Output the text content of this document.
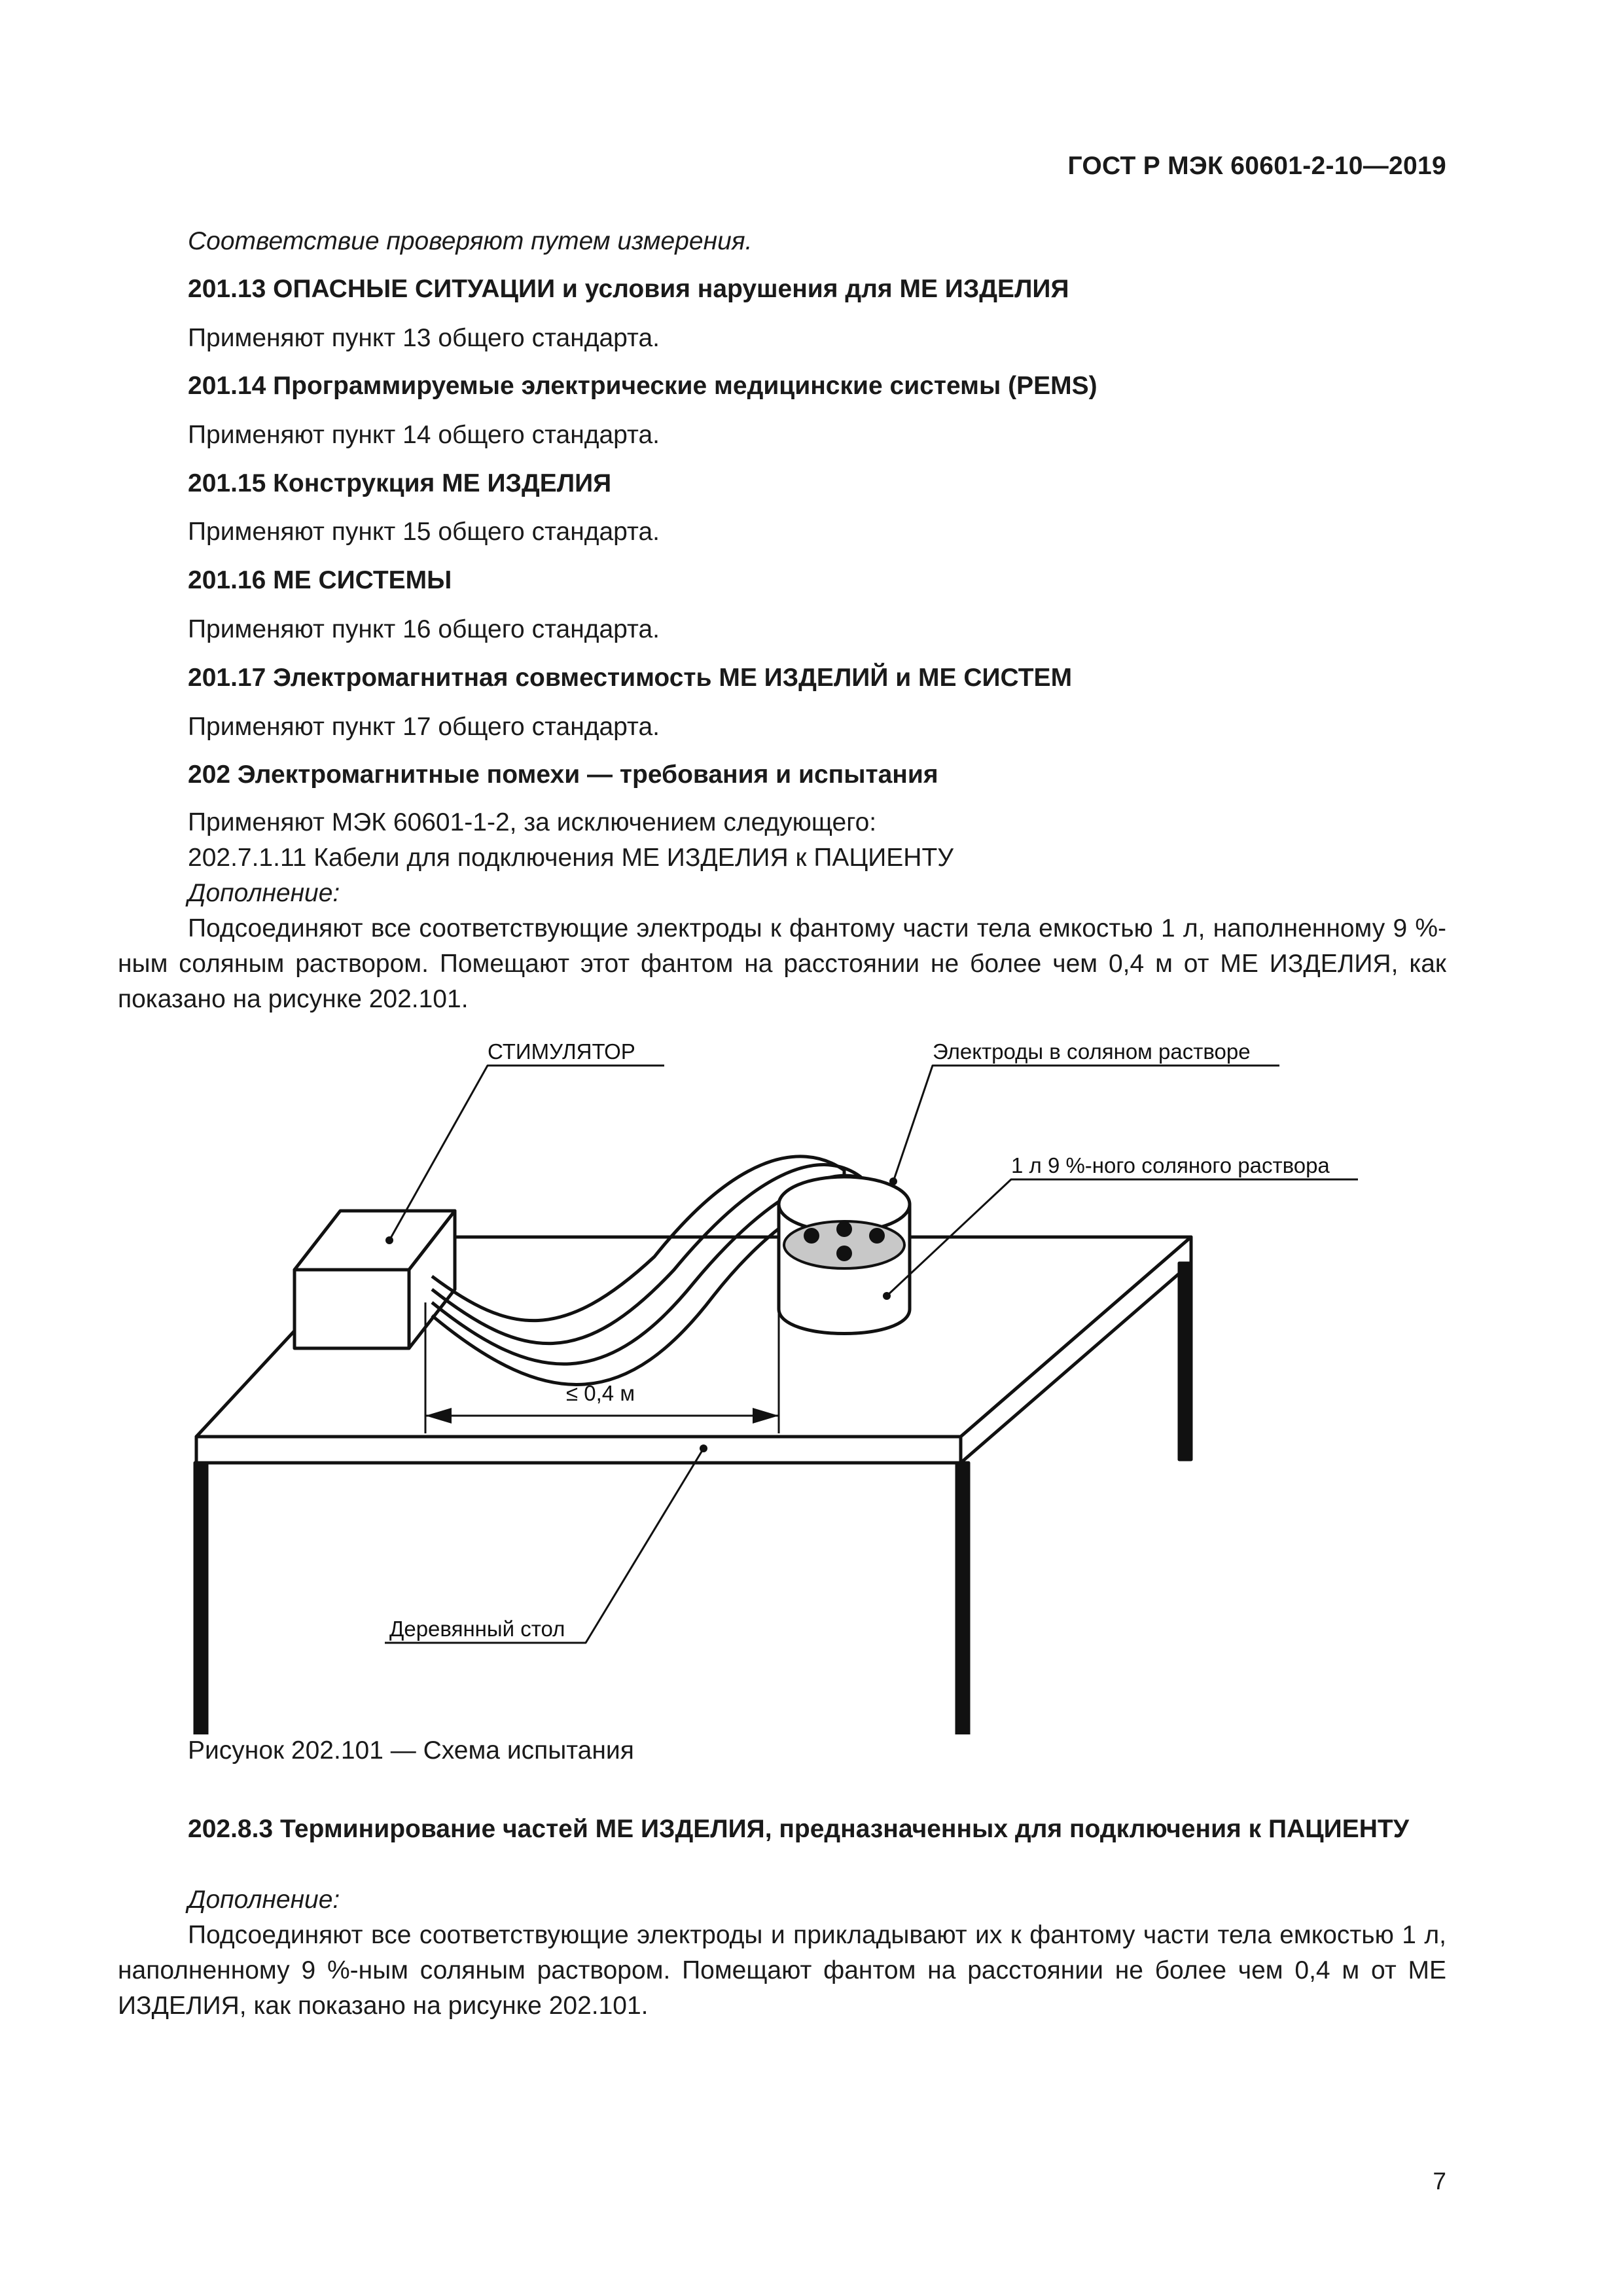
ГОСТ Р МЭК 60601-2-10—2019
Соответствие проверяют путем измерения.
201.13 ОПАСНЫЕ СИТУАЦИИ и условия нарушения для МЕ ИЗДЕЛИЯ
Применяют пункт 13 общего стандарта.
201.14 Программируемые электрические медицинские системы (PEMS)
Применяют пункт 14 общего стандарта.
201.15 Конструкция МЕ ИЗДЕЛИЯ
Применяют пункт 15 общего стандарта.
201.16 МЕ СИСТЕМЫ
Применяют пункт 16 общего стандарта.
201.17 Электромагнитная совместимость МЕ ИЗДЕЛИЙ и МЕ СИСТЕМ
Применяют пункт 17 общего стандарта.
202 Электромагнитные помехи — требования и испытания
Применяют МЭК 60601-1-2, за исключением следующего:
202.7.1.11 Кабели для подключения МЕ ИЗДЕЛИЯ к ПАЦИЕНТУ
Дополнение:
Подсоединяют все соответствующие электроды к фантому части тела емкостью 1 л, наполненному 9 %-ным соляным раствором. Помещают этот фантом на расстоянии не более чем 0,4 м от МЕ ИЗДЕЛИЯ, как показано на рисунке 202.101.
СТИМУЛЯТОР	Электроды в соляном растворе
1 л 9 %-ного соляного раствора
≤ 0,4 м
Деревянный стол
Рисунок 202.101 — Схема испытания
202.8.3 Терминирование частей МЕ ИЗДЕЛИЯ, предназначенных для подключения к ПАЦИЕНТУ
Дополнение:
Подсоединяют все соответствующие электроды и прикладывают их к фантому части тела емкостью 1 л, наполненному 9 %-ным соляным раствором. Помещают фантом на расстоянии не более чем 0,4 м от МЕ ИЗДЕЛИЯ, как показано на рисунке 202.101.
7
